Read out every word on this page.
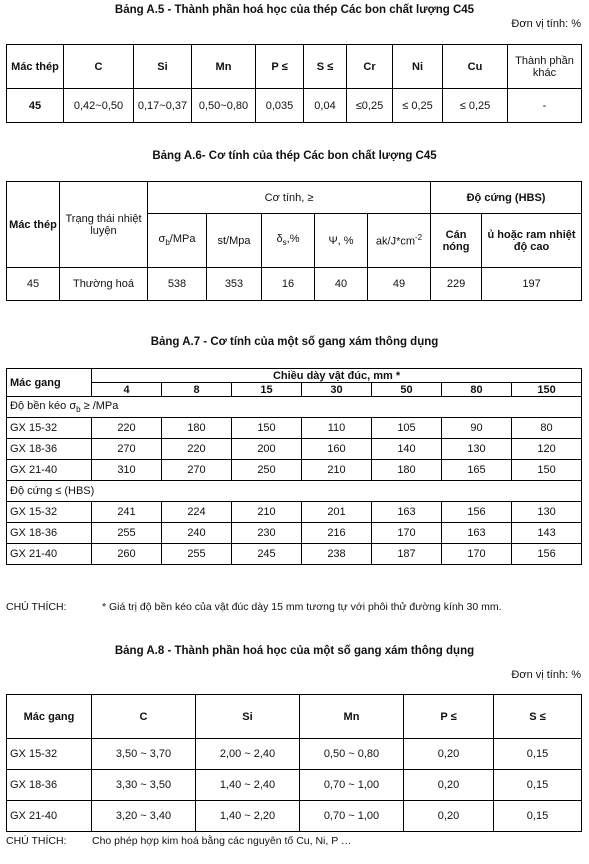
Bảng A.5 - Thành phần hoá học của thép Các bon chất lượng C45
Đơn vị tính: %
Mác thép	C	Si	Mn	P ≤	S ≤	Cr	Ni	Cu	Thành phần khác
45	0,42~0,50	0,17~0,37	0,50~0,80	0,035	0,04	≤0,25	≤ 0,25	≤ 0,25	-
Bảng A.6- Cơ tính của thép Các bon chất lượng C45
Mác thép	Trạng thái nhiệt luyện	Cơ tính, ≥					Độ cứng (HBS)	
		$\sigma_b$/MPa	st/Mpa	$\delta_s,\%$	Ψ, %	$ak/J*cm^{-2}$	Cán nóng	ủ hoặc ram nhiệt độ cao
45	Thường hoá	538	353	16	40	49	229	197
Bảng A.7 - Cơ tính của một số gang xám thông dụng
Mác gang	Chiều dày vật đúc, mm *						
	4	8	15	30	50	80	150
Độ bền kéo $\sigma_b \ge /MPa$							
GX 15-32	220	180	150	110	105	90	80
GX 18-36	270	220	200	160	140	130	120
GX 21-40	310	270	250	210	180	165	150
Độ cứng ≤ (HBS)							
GX 15-32	241	224	210	201	163	156	130
GX 18-36	255	240	230	216	170	163	143
GX 21-40	260	255	245	238	187	170	156
CHÚ THÍCH:	* Giá trị độ bền kéo của vật đúc dày 15 mm tương tự với phôi thử đường kính 30 mm.
Bảng A.8 - Thành phần hoá học của một số gang xám thông dụng
Đơn vị tính: %
Mác gang	C	Si	Mn	P ≤	S ≤
GX 15-32	3,50 ~ 3,70	2,00 ~ 2,40	0,50 ~ 0,80	0,20	0,15
GX 18-36	3,30 ~ 3,50	1,40 ~ 2,40	0,70 ~ 1,00	0,20	0,15
GX 21-40	3,20 ~ 3,40	1,40 ~ 2,20	0,70 ~ 1,00	0,20	0,15
CHÚ THÍCH: Cho phép hợp kim hoá bằng các nguyên tố Cu, Ni, P …
